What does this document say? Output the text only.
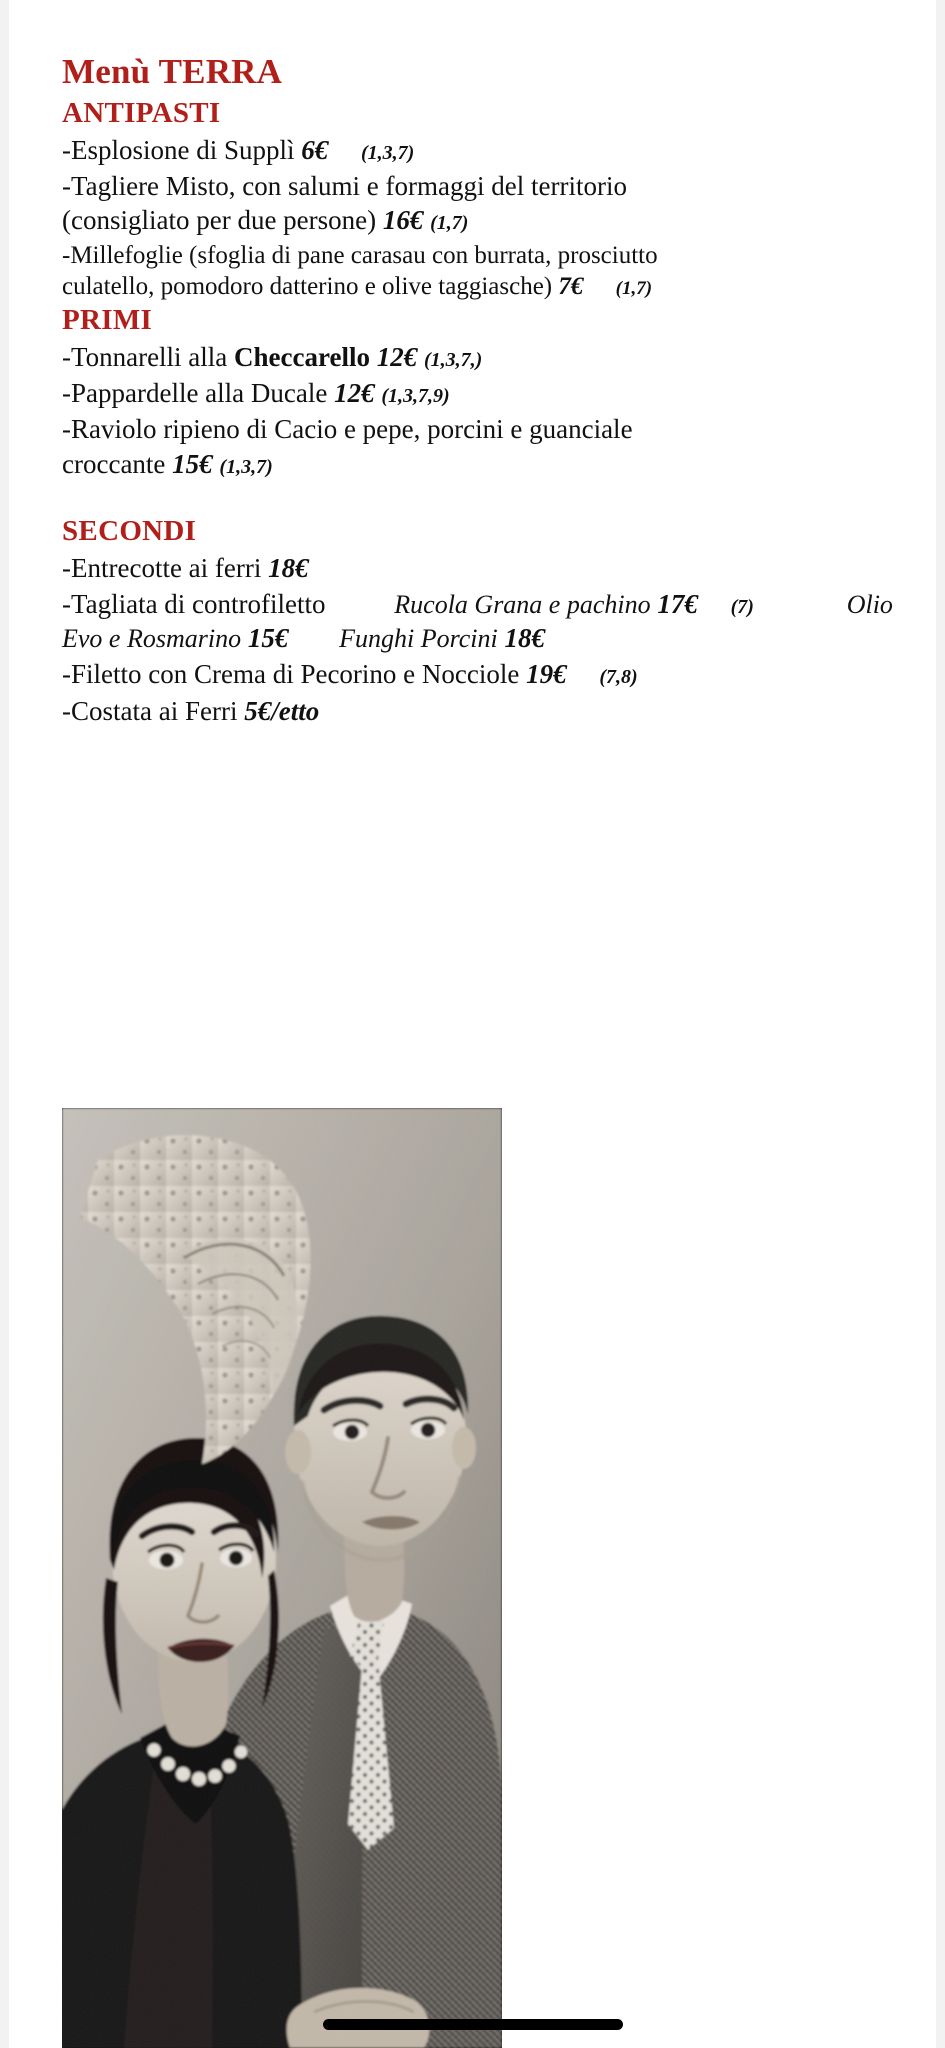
Menù TERRA
ANTIPASTI
-Esplosione di Supplì 6€ (1,3,7)
-Tagliere Misto, con salumi e formaggi del territorio
(consigliato per due persone) 16€ (1,7)
-Millefoglie (sfoglia di pane carasau con burrata, prosciutto
culatello, pomodoro datterino e olive taggiasche) 7€ (1,7)
PRIMI
-Tonnarelli alla Checcarello 12€ (1,3,7,)
-Pappardelle alla Ducale 12€ (1,3,7,9)
-Raviolo ripieno di Cacio e pepe, porcini e guanciale
croccante 15€ (1,3,7)
SECONDI
-Entrecotte ai ferri 18€
-Tagliata di controfiletto	Rucola Grana e pachino 17€ (7)	Olio Evo e Rosmarino 15€ Funghi Porcini 18€
-Filetto con Crema di Pecorino e Nocciole 19€ (7,8)
-Costata ai Ferri 5€/etto
